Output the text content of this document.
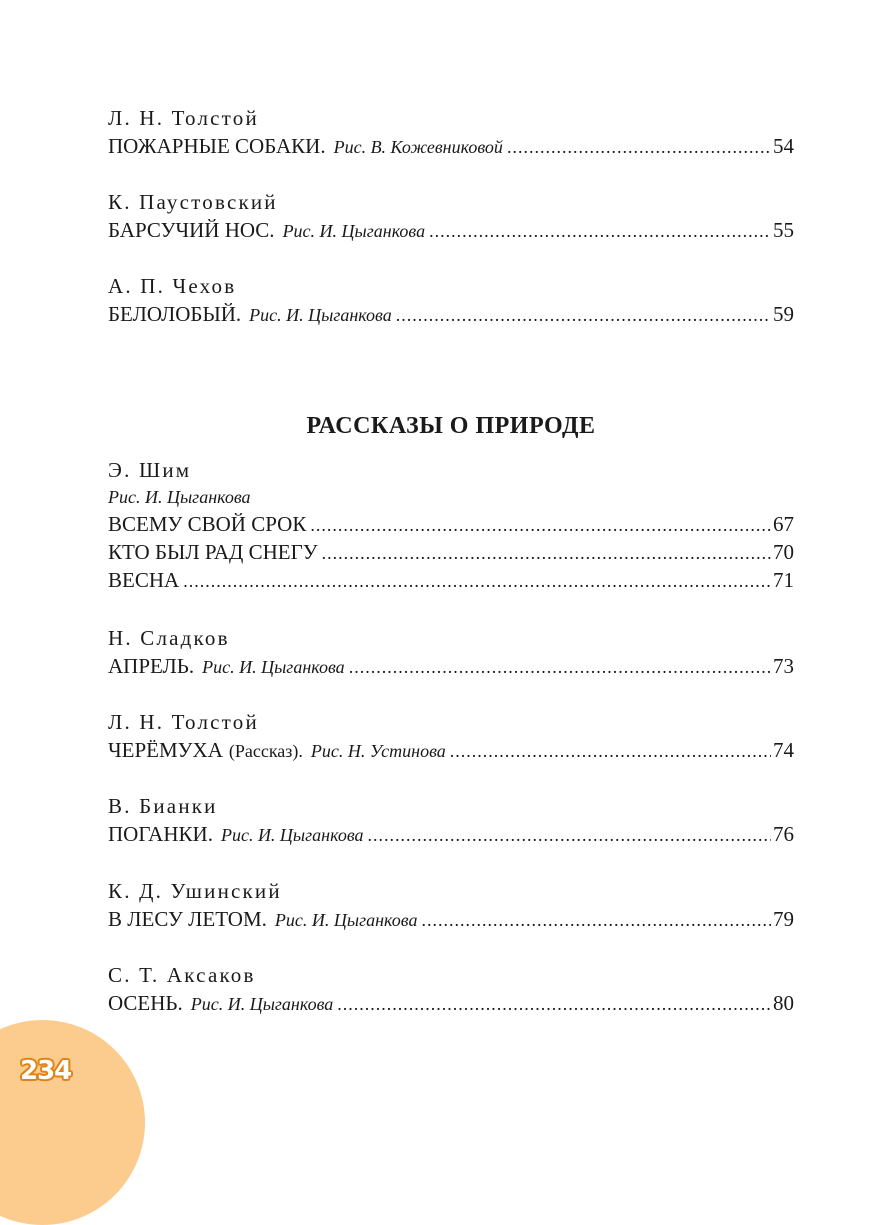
Л. Н. Толстой
ПОЖАРНЫЕ СОБАКИ. Рис. В. Кожевниковой .....	54
К. Паустовский
БАРСУЧИЙ НОС. Рис. И. Цыганкова .....	55
А. П. Чехов
БЕЛОЛОБЫЙ. Рис. И. Цыганкова .....	59
РАССКАЗЫ О ПРИРОДЕ
Э. Шим
Рис. И. Цыганкова
ВСЕМУ СВОЙ СРОК .....	67
КТО БЫЛ РАД СНЕГУ .....	70
ВЕСНА .....	71
Н. Сладков
АПРЕЛЬ. Рис. И. Цыганкова .....	73
Л. Н. Толстой
ЧЕРЁМУХА (Рассказ). Рис. Н. Устинова .....	74
В. Бианки
ПОГАНКИ. Рис. И. Цыганкова .....	76
К. Д. Ушинский
В ЛЕСУ ЛЕТОМ. Рис. И. Цыганкова .....	79
С. Т. Аксаков
ОСЕНЬ. Рис. И. Цыганкова .....	80
234
